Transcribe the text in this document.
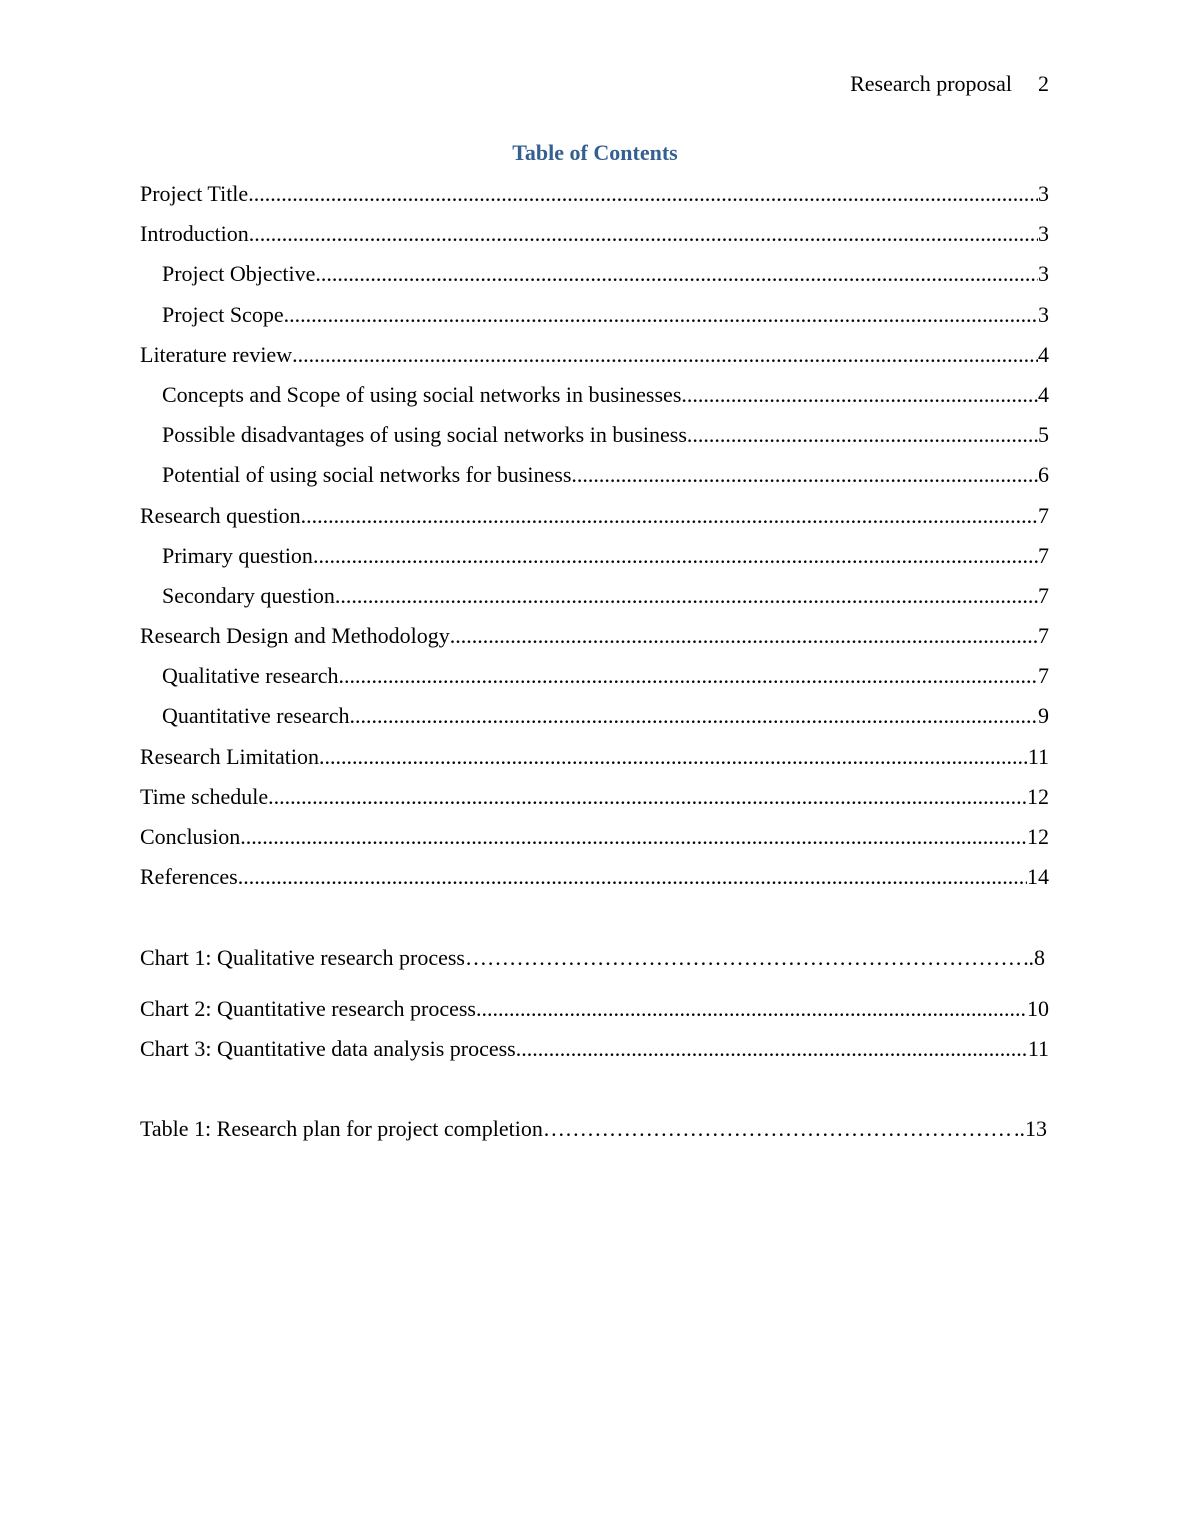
Research proposal 2
Table of Contents
Project Title .....	3
Introduction .....	3
Project Objective .....	3
Project Scope .....	3
Literature review .....	4
Concepts and Scope of using social networks in businesses .....	4
Possible disadvantages of using social networks in business .....	5
Potential of using social networks for business .....	6
Research question .....	7
Primary question .....	7
Secondary question .....	7
Research Design and Methodology .....	7
Qualitative research .....	7
Quantitative research .....	9
Research Limitation .....	11
Time schedule .....	12
Conclusion .....	12
References .....	14
Chart 1: Qualitative research process ……………………………………………………………………………………………………………………………………	.8
Chart 2: Quantitative research process .....	10
Chart 3: Quantitative data analysis process .....	11
Table 1: Research plan for project completion ……………………………………………………………………………………………………………………………………	..13
